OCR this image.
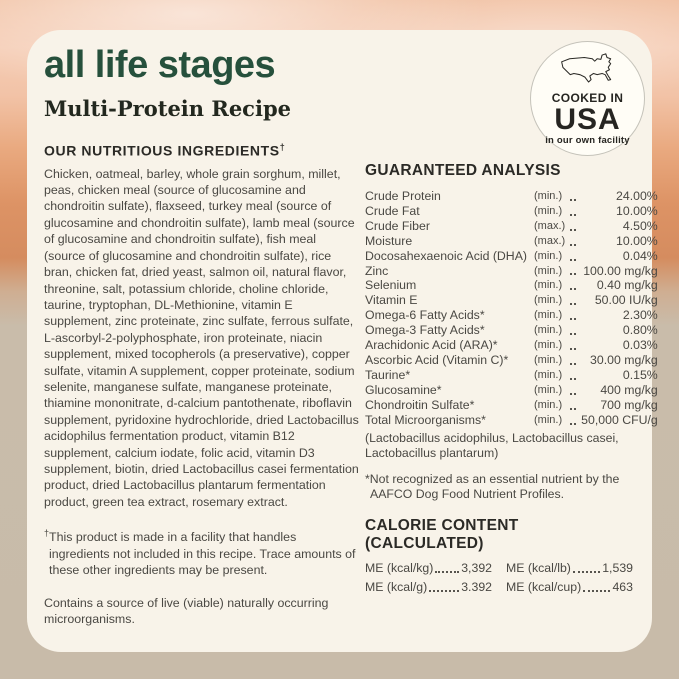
all life stages
Multi-Protein Recipe	COOKED IN
USA
in our own facility
OUR NUTRITIOUS INGREDIENTS†
Chicken, oatmeal, barley, whole grain sorghum, millet, peas, chicken meal (source of glucosamine and chondroitin sulfate), flaxseed, turkey meal (source of glucosamine and chondroitin sulfate), lamb meal (source of glucosamine and chondroitin sulfate), fish meal (source of glucosamine and chondroitin sulfate), rice bran, chicken fat, dried yeast, salmon oil, natural flavor, threonine, salt, potassium chloride, choline chloride, taurine, tryptophan, DL-Methionine, vitamin E supplement, zinc proteinate, zinc sulfate, ferrous sulfate, L-ascorbyl-2-polyphosphate, iron proteinate, niacin supplement, mixed tocopherols (a preservative), copper sulfate, vitamin A supplement, copper proteinate, sodium selenite, manganese sulfate, manganese proteinate, thiamine mononitrate, d-calcium pantothenate, riboflavin supplement, pyridoxine hydrochloride, dried Lactobacillus acidophilus fermentation product, vitamin B12 supplement, calcium iodate, folic acid, vitamin D3 supplement, biotin, dried Lactobacillus casei fermentation product, dried Lactobacillus plantarum fermentation product, green tea extract, rosemary extract.
†This product is made in a facility that handles ingredients not included in this recipe. Trace amounts of these other ingredients may be present.
Contains a source of live (viable) naturally occurring microorganisms.
GUARANTEED ANALYSIS
Crude Protein	(min.)	24.00%
Crude Fat	(min.)	10.00%
Crude Fiber	(max.)	4.50%
Moisture	(max.)	10.00%
Docosahexaenoic Acid (DHA) (min.)	0.04%
Zinc	(min.) 100.00 mg/kg
Selenium	(min.)	0.40 mg/kg
Vitamin E	(min.)	50.00 IU/kg
Omega-6 Fatty Acids*	(min.)	2.30%
Omega-3 Fatty Acids*	(min.)	0.80%
Arachidonic Acid (ARA)*	(min.)	0.03%
Ascorbic Acid (Vitamin C)*	(min.)	30.00 mg/kg
Taurine*	(min.)	0.15%
Glucosamine*	(min.)	400 mg/kg
Chondroitin Sulfate*	(min.)	700 mg/kg
Total Microorganisms*	(min.) 50,000 CFU/g
(Lactobacillus acidophilus, Lactobacillus casei, Lactobacillus plantarum)
*Not recognized as an essential nutrient by the AAFCO Dog Food Nutrient Profiles.
CALORIE CONTENT (CALCULATED)
ME (kcal/kg) 3,392
ME (kcal/g)	3.392
ME (kcal/lb)	1,539
ME (kcal/cup)	463
